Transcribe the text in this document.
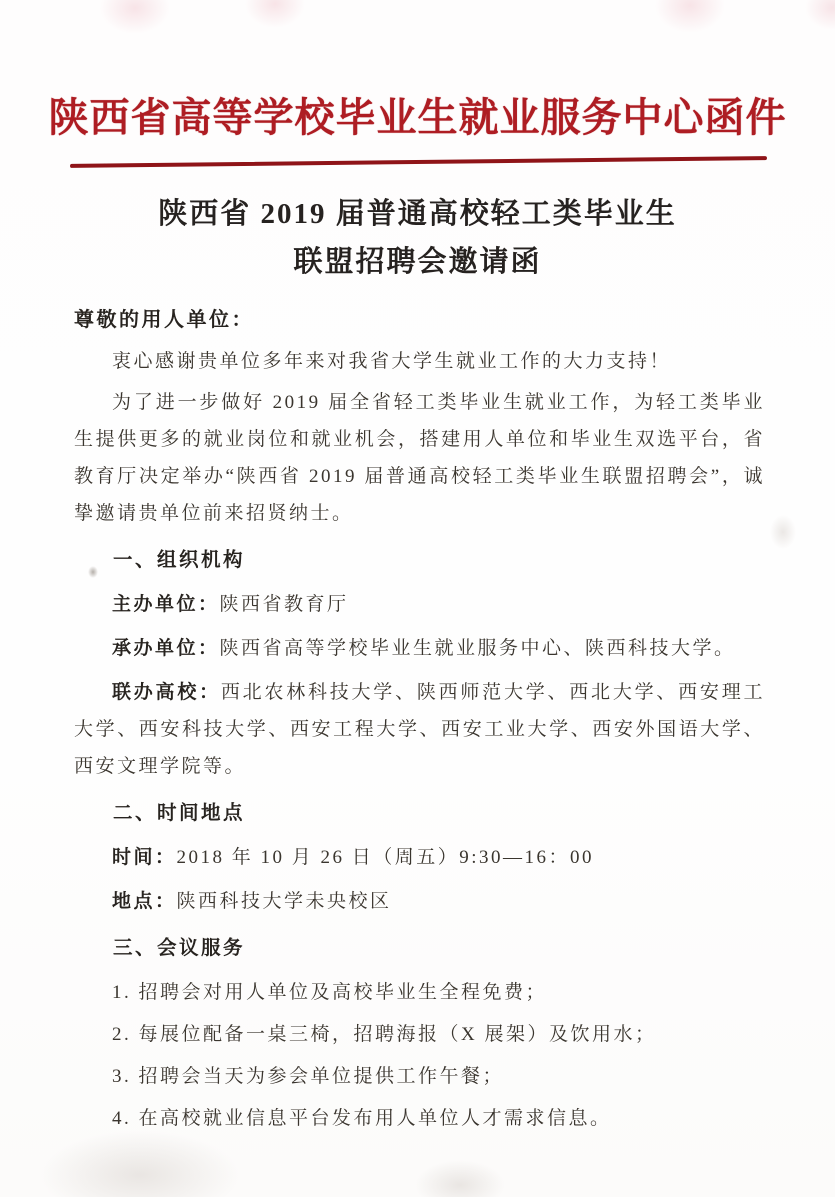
陕西省高等学校毕业生就业服务中心函件
陕西省 2019 届普通高校轻工类毕业生
联盟招聘会邀请函

尊敬的用人单位：

衷心感谢贵单位多年来对我省大学生就业工作的大力支持！

为了进一步做好 2019 届全省轻工类毕业生就业工作，为轻工类毕业生提供更多的就业岗位和就业机会，搭建用人单位和毕业生双选平台，省教育厅决定举办“陕西省 2019 届普通高校轻工类毕业生联盟招聘会”，诚挚邀请贵单位前来招贤纳士。

一、组织机构

主办单位：陕西省教育厅

承办单位：陕西省高等学校毕业生就业服务中心、陕西科技大学。

联办高校：西北农林科技大学、陕西师范大学、西北大学、西安理工大学、西安科技大学、西安工程大学、西安工业大学、西安外国语大学、西安文理学院等。

二、时间地点

时间：2018 年 10 月 26 日（周五）9:30—16：00

地点：陕西科技大学未央校区

三、会议服务

1. 招聘会对用人单位及高校毕业生全程免费；

2. 每展位配备一桌三椅，招聘海报（X 展架）及饮用水；

3. 招聘会当天为参会单位提供工作午餐；

4. 在高校就业信息平台发布用人单位人才需求信息。
